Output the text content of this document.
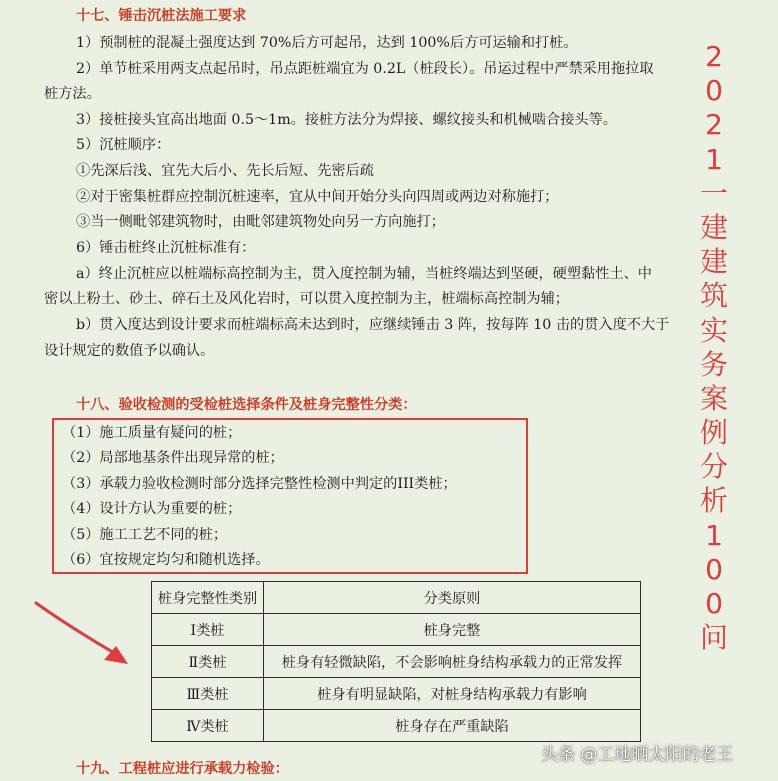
十七、锤击沉桩法施工要求
1）预制桩的混凝土强度达到 70%后方可起吊，达到 100%后方可运输和打桩。
2）单节桩采用两支点起吊时，吊点距桩端宜为 0.2L（桩段长）。吊运过程中严禁采用拖拉取
桩方法。
3）接桩接头宜高出地面 0.5～1m。接桩方法分为焊接、螺纹接头和机械啮合接头等。
5）沉桩顺序：
①先深后浅、宜先大后小、先长后短、先密后疏
②对于密集桩群应控制沉桩速率，宜从中间开始分头向四周或两边对称施打；
③当一侧毗邻建筑物时，由毗邻建筑物处向另一方向施打；
6）锤击桩终止沉桩标准有：
a）终止沉桩应以桩端标高控制为主，贯入度控制为辅，当桩终端达到坚硬，硬塑黏性土、中
密以上粉土、砂土、碎石土及风化岩时，可以贯入度控制为主，桩端标高控制为辅；
b）贯入度达到设计要求而桩端标高未达到时，应继续锤击 3 阵，按每阵 10 击的贯入度不大于
设计规定的数值予以确认。
十八、验收检测的受检桩选择条件及桩身完整性分类：
（1）施工质量有疑问的桩；
（2）局部地基条件出现异常的桩；
（3）承载力验收检测时部分选择完整性检测中判定的III类桩；
（4）设计方认为重要的桩；
（5）施工工艺不同的桩；
（6）宜按规定均匀和随机选择。
桩身完整性类别	分类原则
Ⅰ类桩	桩身完整
Ⅱ类桩	桩身有轻微缺陷，不会影响桩身结构承载力的正常发挥
Ⅲ类桩	桩身有明显缺陷，对桩身结构承载力有影响
Ⅳ类桩	桩身存在严重缺陷
十九、工程桩应进行承载力检验：
2
0
2
1
一
建
建
筑
实
务
案
例
分
析
1
0
0
问
头条 @工地晒太阳的老王
